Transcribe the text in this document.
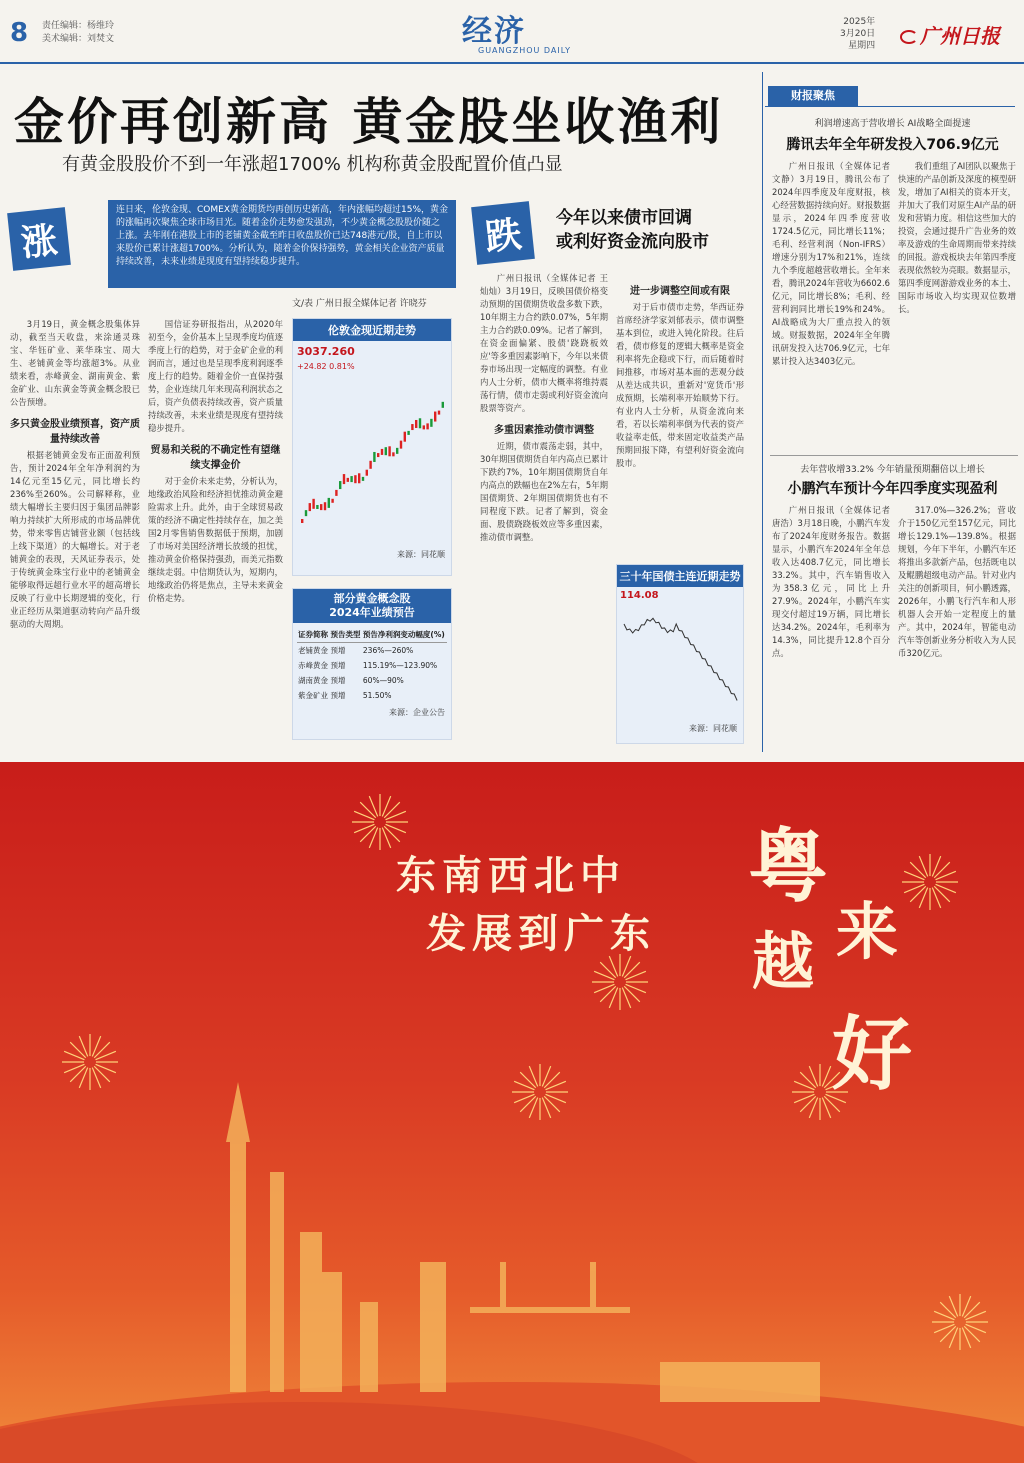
8 责任编辑：杨维玲
美术编辑：刘焚文	经济
GUANGZHOU DAILY
2025年
3月20日
星期四	广州日报
金价再创新高 黄金股坐收渔利
有黄金股股价不到一年涨超1700% 机构称黄金股配置价值凸显
涨
连日来，伦敦金现、COMEX黄金期货均再创历史新高，年内涨幅均超过15%，黄金的涨幅再次聚焦全球市场目光。随着金价走势愈发强劲，不少黄金概念股股价随之上涨。去年刚在港股上市的老铺黄金截至昨日收盘股价已达748港元/股，自上市以来股价已累计涨超1700%。分析认为，随着金价保持强势，黄金相关企业资产质量持续改善，未来业绩是现度有望持续稳步提升。
文/表 广州日报全媒体记者 许晓芬

3月19日，黄金概念股集体异动，截至当天收盘，来涂通灵珠宝、华钰矿业、莱华珠宝、周大生、老铺黄金等均涨超3%。从业绩来看，赤峰黄金、湖南黄金、紫金矿业、山东黄金等黄金概念股已公告预增。

多只黄金股业绩预喜，资产质量持续改善

根据老铺黄金发布正面盈利预告，预计2024年全年净利润约为14亿元至15亿元，同比增长约236%至260%。公司解释称，业绩大幅增长主要归因于集团品牌影响力持续扩大所形成的市场品牌优势，带来零售店铺营业额（包括线上线下渠道）的大幅增长。对于老铺黄金的表现，天风证券表示，处于传统黄金珠宝行业中的老铺黄金能够取得远超行业水平的超高增长反映了行业中长期逻辑的变化，行业正经历从渠道驱动转向产品升级驱动的大周期。

国信证券研报指出，从2020年初至今，金价基本上呈现季度均值逐季度上行的趋势，对于金矿企业的利润而言，通过也是呈现季度利润逐季度上行的趋势。随着金价一直保持强势，企业连续几年来现高利润状态之后，资产负债表持续改善，资产质量持续改善，未来业绩是现度有望持续稳步提升。

贸易和关税的不确定性有望继续支撑金价

对于金价未来走势，分析认为，地缘政治风险和经济担忧推动黄金避险需求上升。此外，由于全球贸易政策的经济不确定性持续存在，加之美国2月零售销售数据低于预期，加剧了市场对美国经济增长放缓的担忧，推动黄金价格保持强劲，而美元指数继续走弱。中信期货认为，短期内，地缘政治仍将是焦点，主导未来黄金价格走势。

伦敦金现近期走势
3037.260
+24.82 0.81%
来源：同花顺
部分黄金概念股
2024年业绩预告
证券简称	预告类型	预告净利润变动幅度(%)
老铺黄金	预增	236%—260%
赤峰黄金	预增	115.19%—123.90%
湖南黄金	预增	60%—90%
紫金矿业	预增	51.50%
来源：企业公告
跌	今年以来债市回调
或利好资金流向股市

广州日报讯（全媒体记者 王灿灿）3月19日，反映国债价格变动预期的国债期货收盘多数下跌，10年期主力合约跌0.07%，5年期主力合约跌0.09%。记者了解到，在资金面偏紧、股债'跷跷板效应'等多重因素影响下，今年以来债券市场出现一定幅度的调整。有业内人士分析，债市大概率将维持震荡行情，债市走弱或利好资金流向股票等资产。

多重因素推动债市调整

近期，债市震荡走弱，其中，30年期国债期货自年内高点已累计下跌约7%，10年期国债期货自年内高点的跌幅也在2%左右，5年期国债期货、2年期国债期货也有不同程度下跌。记者了解到，资金面、股债跷跷板效应等多重因素，推动债市调整。

进一步调整空间或有限

对于后市债市走势，华西证券首席经济学家刘郁表示，债市调整基本到位，或进入钝化阶段。往后看，债市修复的逻辑大概率是资金利率将先企稳或下行，而后随着时间推移，市场对基本面的悲观分歧从差达成共识，重新对'宽货币'形成预期，长端利率开始顺势下行。有业内人士分析，从资金流向来看，若以长端利率倒为代表的资产收益率走低，带来固定收益类产品预期回报下降，有望利好资金流向股市。

三十年国债主连近期走势
114.08
来源：同花顺
财报聚焦
利润增速高于营收增长 AI战略全面提速
腾讯去年全年研发投入706.9亿元

广州日报讯（全媒体记者 文静）3月19日，腾讯公布了2024年四季度及年度财报，核心经营数据持续向好。财报数据显示，2024年四季度营收1724.5亿元，同比增长11%；毛利、经营利润（Non-IFRS）增速分别为17%和21%，连续九个季度超越营收增长。全年来看，腾讯2024年营收为6602.6亿元，同比增长8%；毛利、经营利润同比增长19%和24%。AI战略成为大厂重点投入的领域。财报数据，2024年全年腾讯研发投入达706.9亿元，七年累计投入达3403亿元。

我们重组了AI团队以聚焦于快速的产品创新及深度的模型研发，增加了AI相关的资本开支，并加大了我们对原生AI产品的研发和营销力度。相信这些加大的投资，会通过提升广告业务的效率及游戏的生命周期而带来持续的回报。游戏板块去年第四季度表现依然较为亮眼。数据显示，第四季度网游游戏业务的本土、国际市场收入均实现双位数增长。

去年营收增33.2% 今年销量预期翻倍以上增长
小鹏汽车预计今年四季度实现盈利

广州日报讯（全媒体记者 唐浩）3月18日晚，小鹏汽车发布了2024年度财务报告。数据显示，小鹏汽车2024年全年总收入达408.7亿元，同比增长33.2%。其中，汽车销售收入为358.3亿元，同比上升27.9%。2024年，小鹏汽车实现交付超过19万辆，同比增长达34.2%。2024年，毛利率为14.3%，同比提升12.8个百分点。

317.0%—326.2%；营收介于150亿元至157亿元，同比增长129.1%—139.8%。根据规划，今年下半年，小鹏汽车还将推出多款新产品，包括既电以及鲲鹏超级电动产品。针对业内关注的创新项目，何小鹏透露，2026年，小鹏飞行汽车和人形机器人会开始一定程度上的量产。其中，2024年，智能电动汽车等创新业务分析收入为人民币320亿元。

东南西北中
发展到广东
粤
来
越
好
